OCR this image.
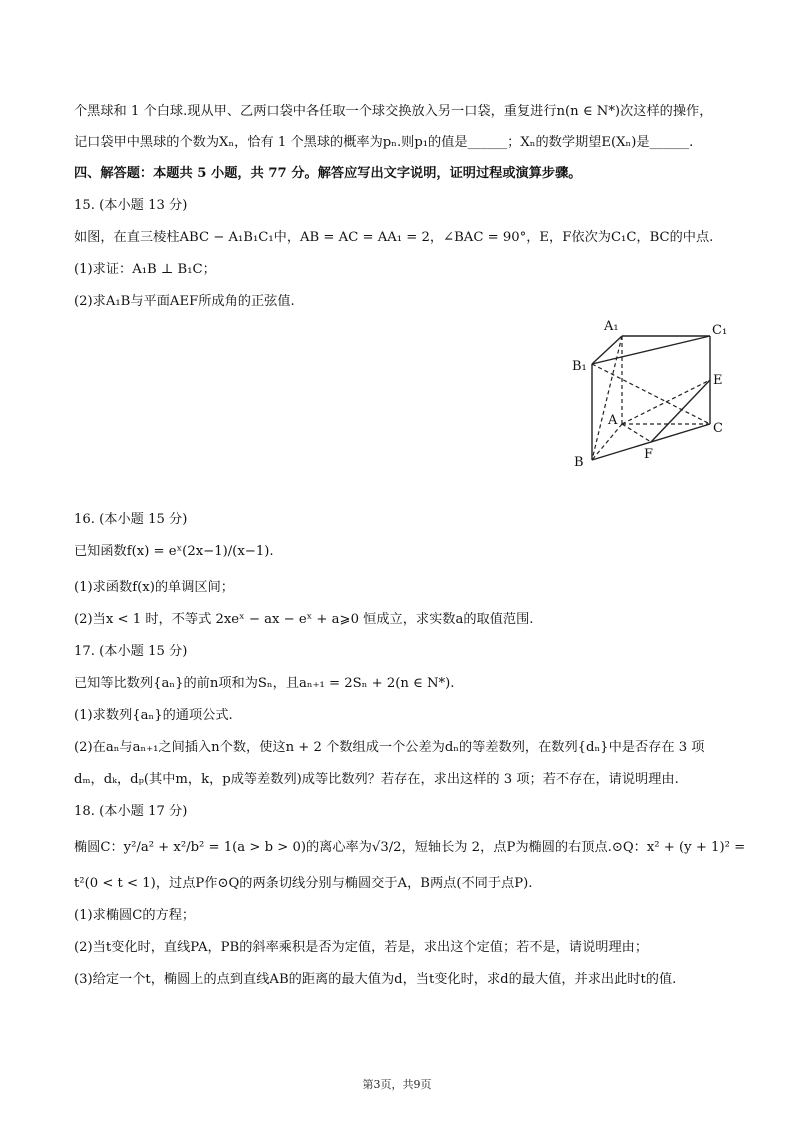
个黑球和 1 个白球.现从甲、乙两口袋中各任取一个球交换放入另一口袋，重复进行n(n ∈ N*)次这样的操作，
记口袋甲中黑球的个数为Xₙ，恰有 1 个黑球的概率为pₙ.则p₁的值是______；Xₙ的数学期望E(Xₙ)是______.
四、解答题：本题共 5 小题，共 77 分。解答应写出文字说明，证明过程或演算步骤。
15. (本小题 13 分)
如图，在直三棱柱ABC − A₁B₁C₁中，AB = AC = AA₁ = 2，∠BAC = 90°，E，F依次为C₁C，BC的中点.
(1)求证：A₁B ⊥ B₁C；
(2)求A₁B与平面AEF所成角的正弦值.
A₁	C₁
B₁
E
A
C
B
F
16. (本小题 15 分)
已知函数f(x) = eˣ(2x−1)/(x−1).
(1)求函数f(x)的单调区间；
(2)当x < 1 时，不等式 2xeˣ − ax − eˣ + a⩾0 恒成立，求实数a的取值范围.
17. (本小题 15 分)
已知等比数列{aₙ}的前n项和为Sₙ，且aₙ₊₁ = 2Sₙ + 2(n ∈ N*).
(1)求数列{aₙ}的通项公式.
(2)在aₙ与aₙ₊₁之间插入n个数，使这n + 2 个数组成一个公差为dₙ的等差数列，在数列{dₙ}中是否存在 3 项
dₘ，dₖ，dₚ(其中m，k，p成等差数列)成等比数列？若存在，求出这样的 3 项；若不存在，请说明理由.
18. (本小题 17 分)
椭圆C：y²/a² + x²/b² = 1(a > b > 0)的离心率为√3/2，短轴长为 2，点P为椭圆的右顶点.⊙Q：x² + (y + 1)² =
t²(0 < t < 1)，过点P作⊙Q的两条切线分别与椭圆交于A，B两点(不同于点P).
(1)求椭圆C的方程；
(2)当t变化时，直线PA，PB的斜率乘积是否为定值，若是，求出这个定值；若不是，请说明理由；
(3)给定一个t，椭圆上的点到直线AB的距离的最大值为d，当t变化时，求d的最大值，并求出此时t的值.
第3页，共9页
